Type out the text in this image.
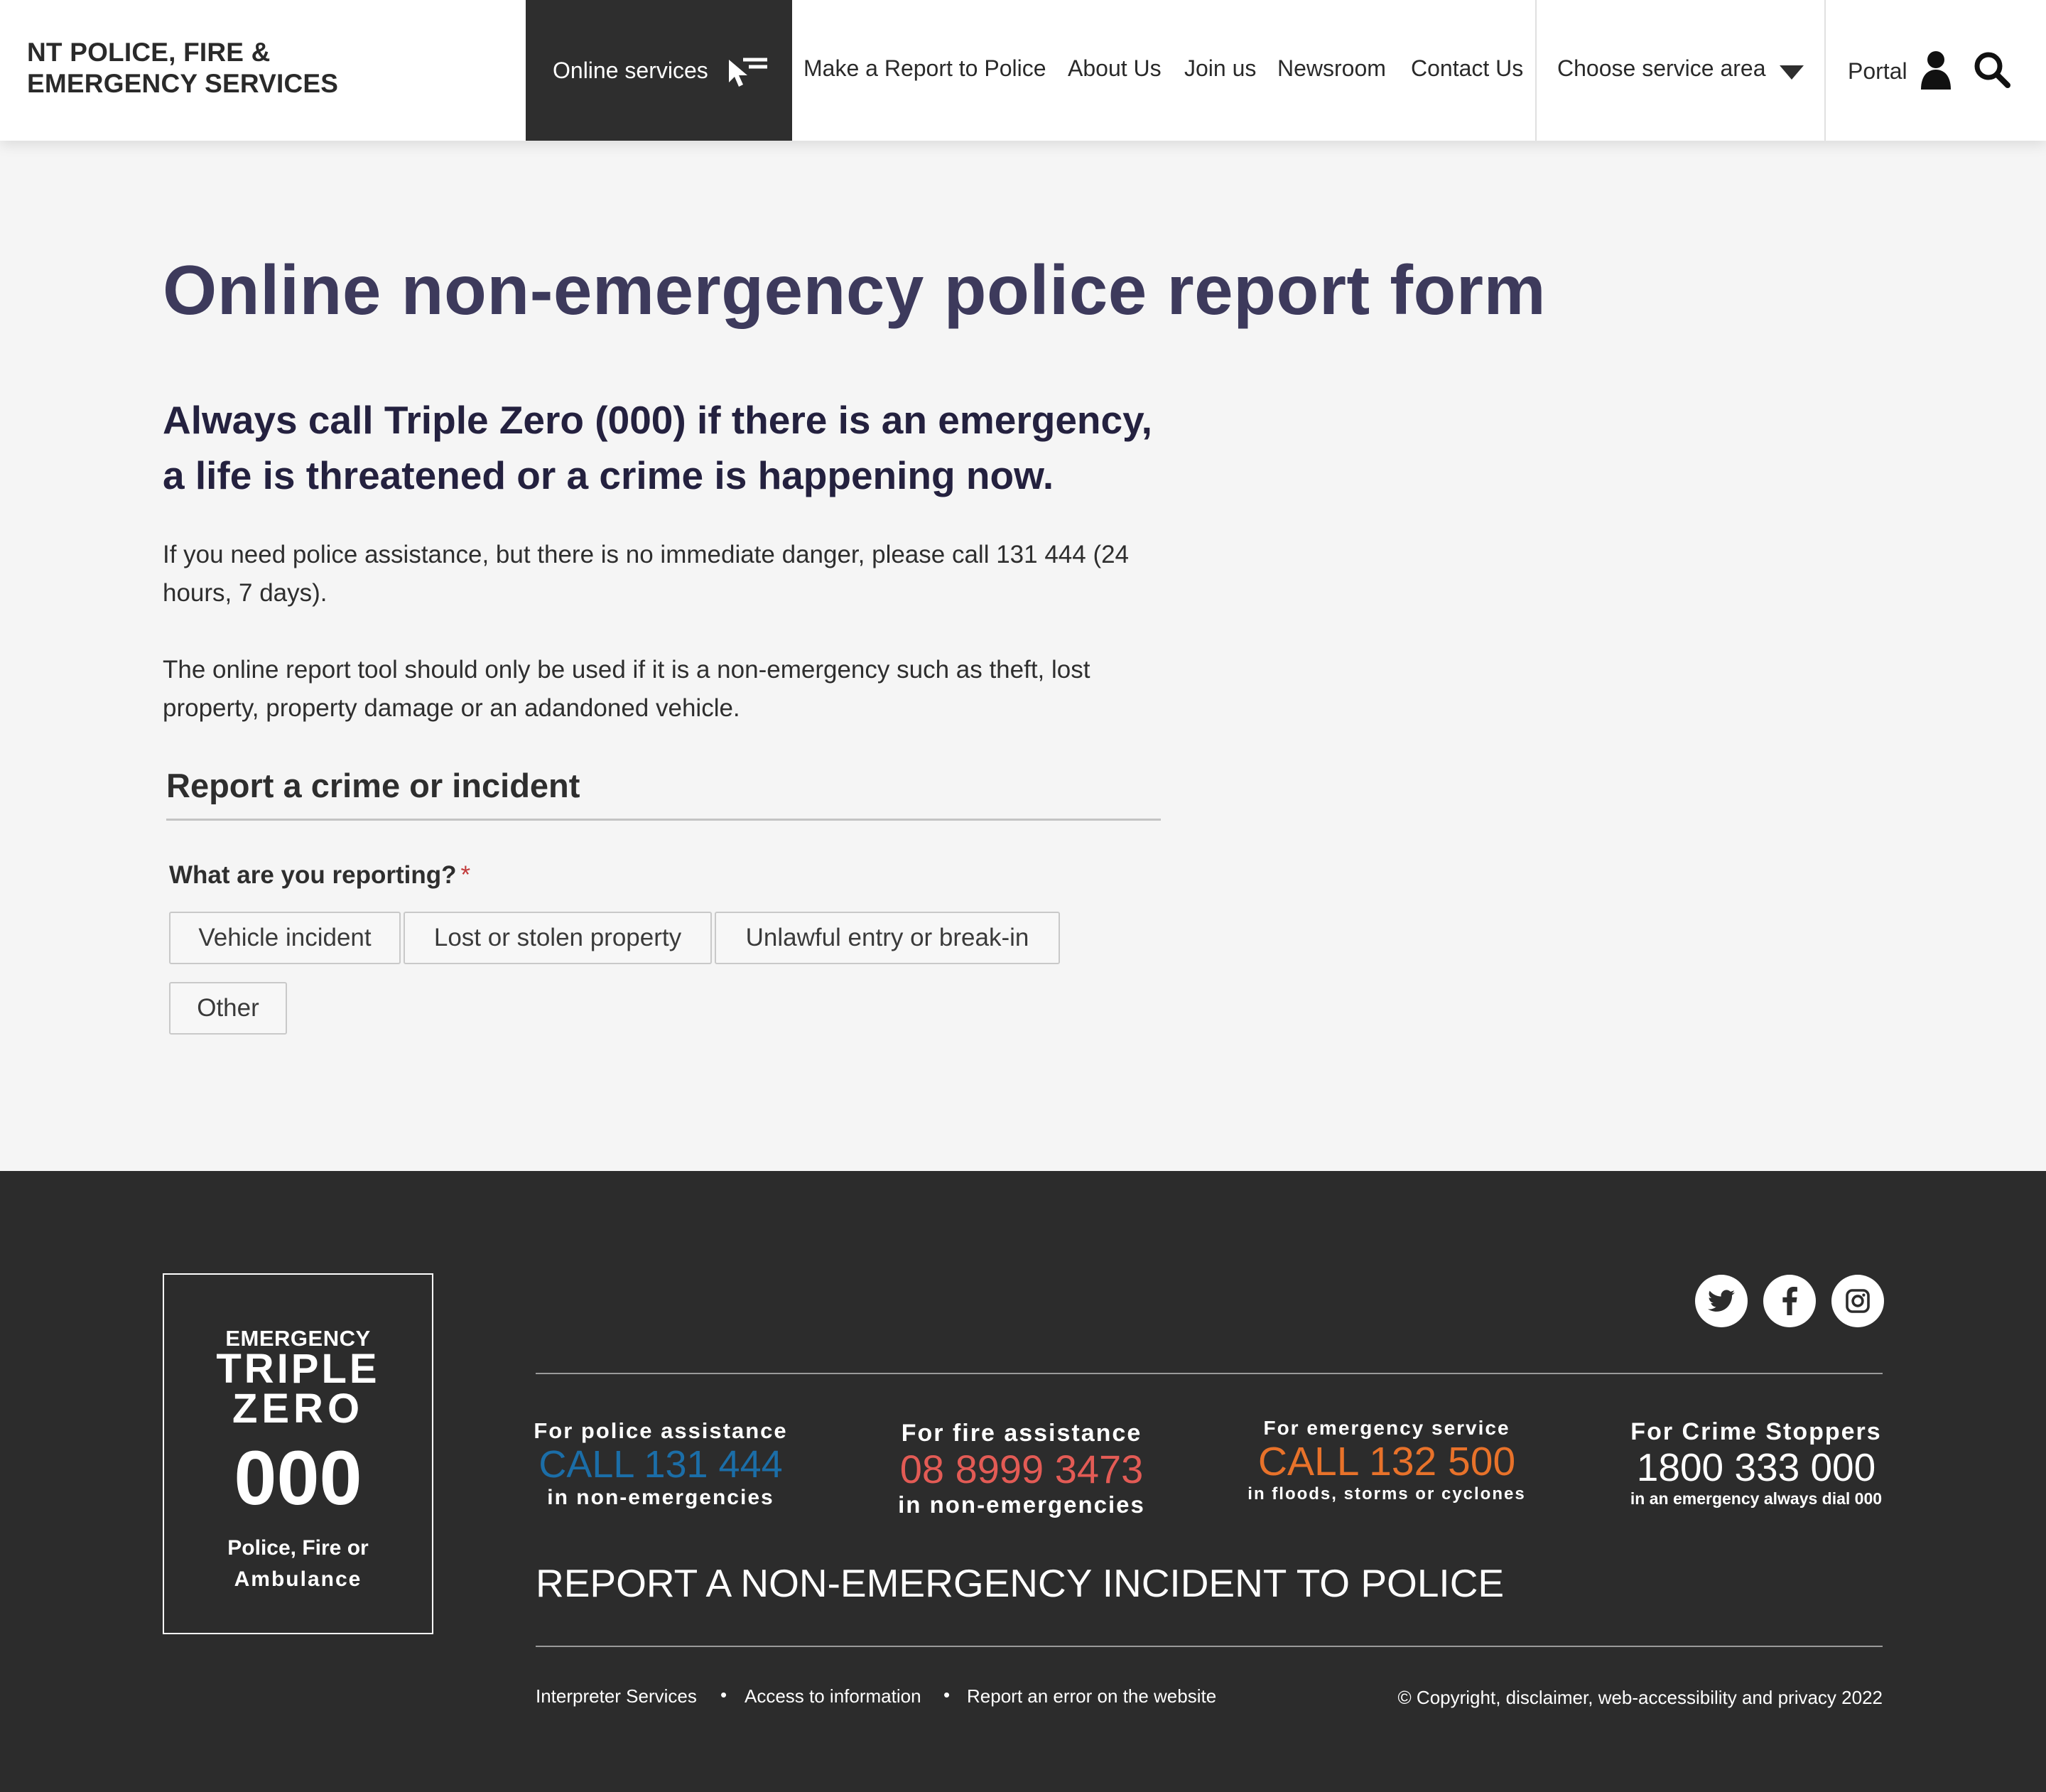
NT POLICE, FIRE &
EMERGENCY SERVICES	Online services	Make a Report to Police About Us Join us Newsroom Contact Us Choose service area	Portal
Online non-emergency police report form
Always call Triple Zero (000) if there is an emergency, a life is threatened or a crime is happening now.

If you need police assistance, but there is no immediate danger, please call 131 444 (24 hours, 7 days).

The online report tool should only be used if it is a non-emergency such as theft, lost property, property damage or an adandoned vehicle.

Report a crime or incident
What are you reporting? *
Vehicle incident	Lost or stolen property	Unlawful entry or break-in
Other
EMERGENCY
TRIPLE
ZERO
000
Police, Fire or
Ambulance
For police assistance
CALL 131 444
in non-emergencies
For fire assistance
08 8999 3473
in non-emergencies
For emergency service
CALL 132 500
in floods, storms or cyclones
For Crime Stoppers
1800 333 000
in an emergency always dial 000
REPORT A NON-EMERGENCY INCIDENT TO POLICE
Interpreter Services • Access to information • Report an error on the website	© Copyright, disclaimer, web-accessibility and privacy 2022
